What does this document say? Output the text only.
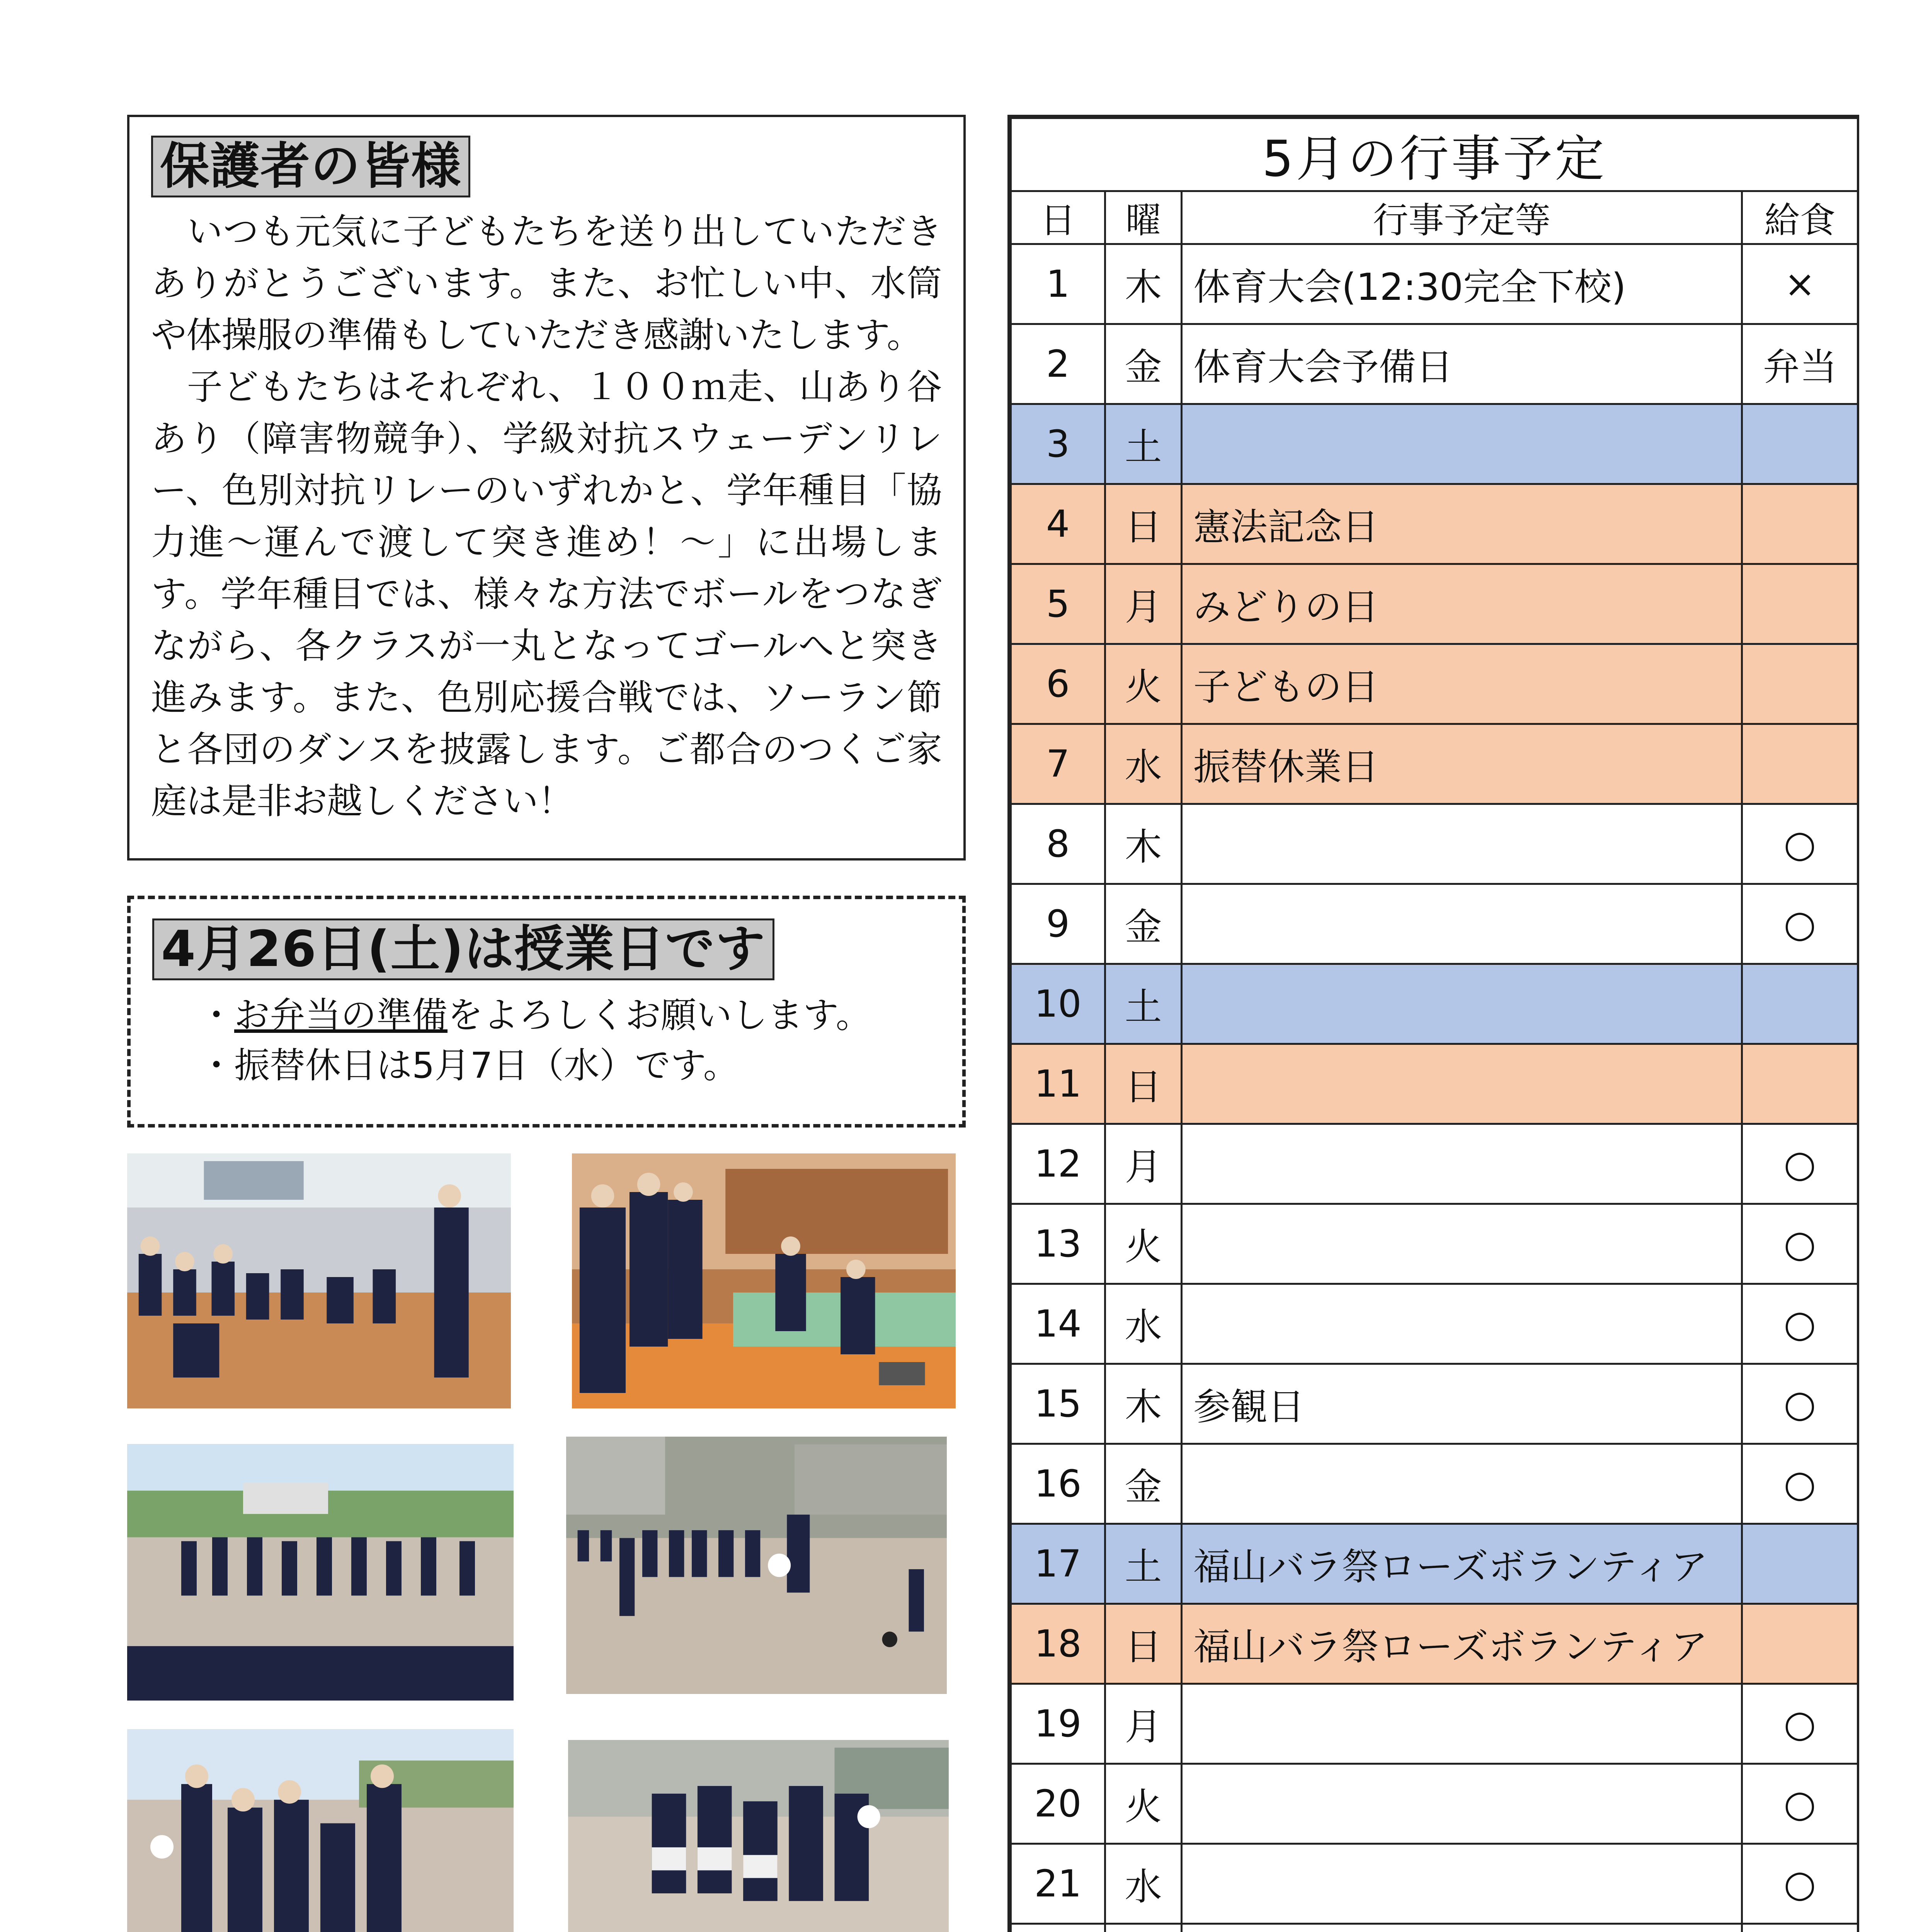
保護者の皆様

　いつも元気に子どもたちを送り出していただきありがとうございます。また、お忙しい中、水筒や体操服の準備もしていただき感謝いたします。

　子どもたちはそれぞれ、１００ｍ走、山あり谷あり（障害物競争）、学級対抗スウェーデンリレー、色別対抗リレーのいずれかと、学年種目「協力進～運んで渡して突き進め！～」に出場します。学年種目では、様々な方法でボールをつなぎながら、各クラスが一丸となってゴールへと突き進みます。また、色別応援合戦では、ソーラン節と各団のダンスを披露します。ご都合のつくご家庭は是非お越しください！

4月26日(土)は授業日です
・お弁当の準備をよろしくお願いします。
・振替休日は5月7日（水）です。
5月の行事予定			
日	曜	行事予定等	給食
1	木	体育大会(12:30完全下校)	×
2	金	体育大会予備日	弁当
3	土		
4	日	憲法記念日	
5	月	みどりの日	
6	火	子どもの日	
7	水	振替休業日	
8	木		○
9	金		○
10	土		
11	日		
12	月		○
13	火		○
14	水		○
15	木	参観日	○
16	金		○
17	土	福山バラ祭ローズボランティア	
18	日	福山バラ祭ローズボランティア	
19	月		○
20	火		○
21	水		○
